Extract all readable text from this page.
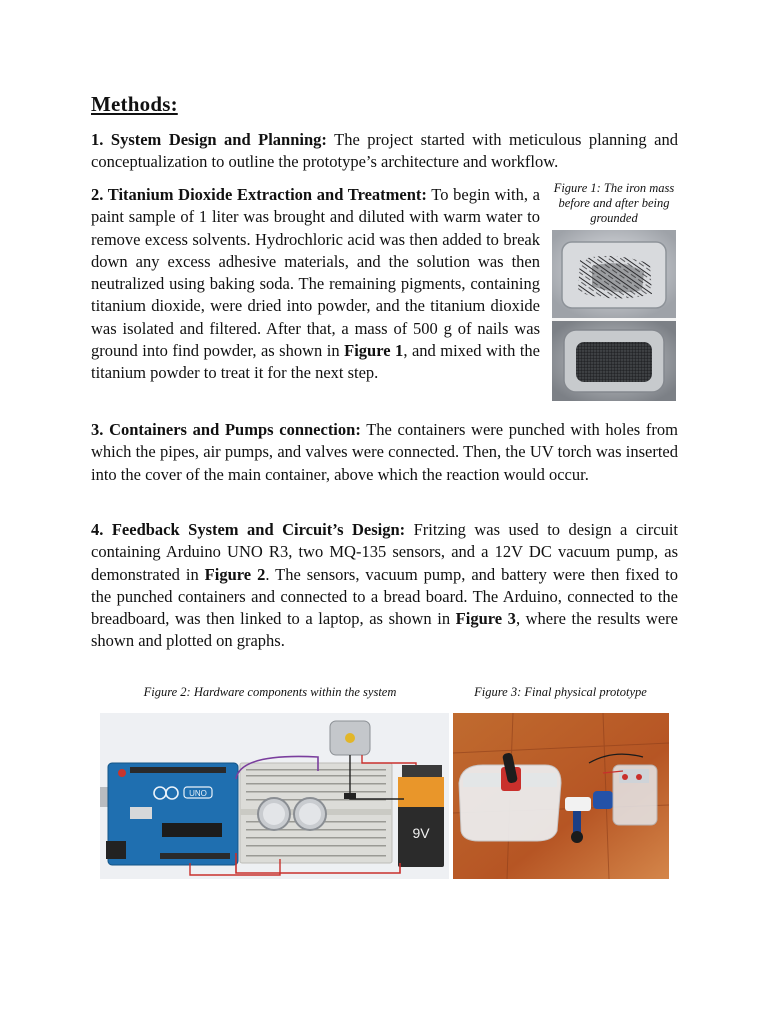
Methods:

1. System Design and Planning: The project started with meticulous planning and conceptualization to outline the prototype’s architecture and workflow.

2. Titanium Dioxide Extraction and Treatment: To begin with, a paint sample of 1 liter was brought and diluted with warm water to remove excess solvents. Hydrochloric acid was then added to break down any excess adhesive materials, and the solution was then neutralized using baking soda. The remaining pigments, containing titanium dioxide, were dried into powder, and the titanium dioxide was isolated and filtered. After that, a mass of 500 g of nails was ground into find powder, as shown in Figure 1, and mixed with the titanium powder to treat it for the next step.

Figure 1: The iron mass before and after being grounded

3. Containers and Pumps connection: The containers were punched with holes from which the pipes, air pumps, and valves were connected. Then, the UV torch was inserted into the cover of the main container, above which the reaction would occur.

4. Feedback System and Circuit’s Design: Fritzing was used to design a circuit containing Arduino UNO R3, two MQ-135 sensors, and a 12V DC vacuum pump, as demonstrated in Figure 2. The sensors, vacuum pump, and battery were then fixed to the punched containers and connected to a bread board. The Arduino, connected to the breadboard, was then linked to a laptop, as shown in Figure 3, where the results were shown and plotted on graphs.

Figure 2: Hardware components within the system	Figure 3: Final physical prototype

UNO
9V
